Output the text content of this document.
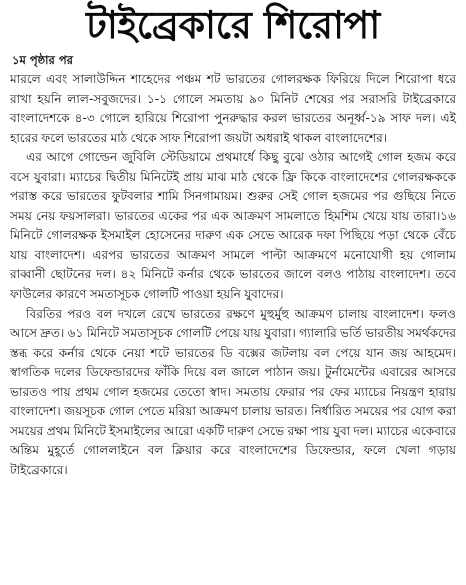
টাইব্রেকারে শিরোপা
১ম পৃষ্ঠার পর

মারলে এবং সালাউদ্দিন শাহেদের পঞ্চম শট ভারতের গোলরক্ষক ফিরিয়ে দিলে শিরোপা ধরে রাখা হয়নি লাল-সবুজদের। ১-১ গোলে সমতায় ৯০ মিনিট শেষের পর সরাসরি টাইব্রেকারে বাংলাদেশকে ৪-৩ গোলে হারিয়ে শিরোপা পুনরুদ্ধার করল ভারতের অনূর্ধ্ব-১৯ সাফ দল। এই হারের ফলে ভারতের মাঠ থেকে সাফ শিরোপা জয়টা অধরাই থাকল বাংলাদেশের।

এর আগে গোল্ডেন জুবিলি স্টেডিয়ামে প্রথমার্ধে কিছু বুঝে ওঠার আগেই গোল হজম করে বসে যুবারা। ম্যাচের দ্বিতীয় মিনিটেই প্রায় মাঝ মাঠ থেকে ফ্রি কিকে বাংলাদেশের গোলরক্ষককে পরাস্ত করে ভারতের ফুটবলার শামি সিনগামায়ম। শুরুর সেই গোল হজমের পর গুছিয়ে নিতে সময় নেয় ফয়সালরা। ভারতের একের পর এক আক্রমণ সামলাতে হিমশিম খেয়ে যায় তারা।১৬ মিনিটে গোলরক্ষক ইসমাইল হোসেনের দারুণ এক সেভে আরেক দফা পিছিয়ে পড়া থেকে বেঁচে যায় বাংলাদেশ। এরপর ভারতের আক্রমণ সামলে পাল্টা আক্রমণে মনোযোগী হয় গোলাম রাব্বানী ছোটনের দল। ৪২ মিনিটে কর্নার থেকে ভারতের জালে বলও পাঠায় বাংলাদেশ। তবে ফাউলের কারণে সমতাসূচক গোলটি পাওয়া হয়নি যুবাদের।

বিরতির পরও বল দখলে রেখে ভারতের রক্ষণে মুহুর্মুহু আক্রমণ চালায় বাংলাদেশ। ফলও আসে দ্রুত। ৬১ মিনিটে সমতাসূচক গোলটি পেয়ে যায় যুবারা। গ্যালারি ভর্তি ভারতীয় সমর্থকদের স্তব্ধ করে কর্নার থেকে নেয়া শটে ভারতের ডি বক্সের জটলায় বল পেয়ে যান জয় আহমেদ। স্বাগতিক দলের ডিফেন্ডারদের ফাঁকি দিয়ে বল জালে পাঠান জয়। টুর্নামেন্টের এবারের আসরে ভারতও পায় প্রথম গোল হজমের তেতো স্বাদ। সমতায় ফেরার পর ফের ম্যাচের নিয়ন্ত্রণ হারায় বাংলাদেশ। জয়সূচক গোল পেতে মরিয়া আক্রমণ চালায় ভারত। নির্ধারিত সময়ের পর যোগ করা সময়ের প্রথম মিনিটে ইসমাইলের আরো একটি দারুণ সেভে রক্ষা পায় যুবা দল। ম্যাচের একেবারে অন্তিম মুহূর্তে গোললাইনে বল ক্লিয়ার করে বাংলাদেশের ডিফেন্ডার, ফলে খেলা গড়ায় টাইব্রেকারে।
